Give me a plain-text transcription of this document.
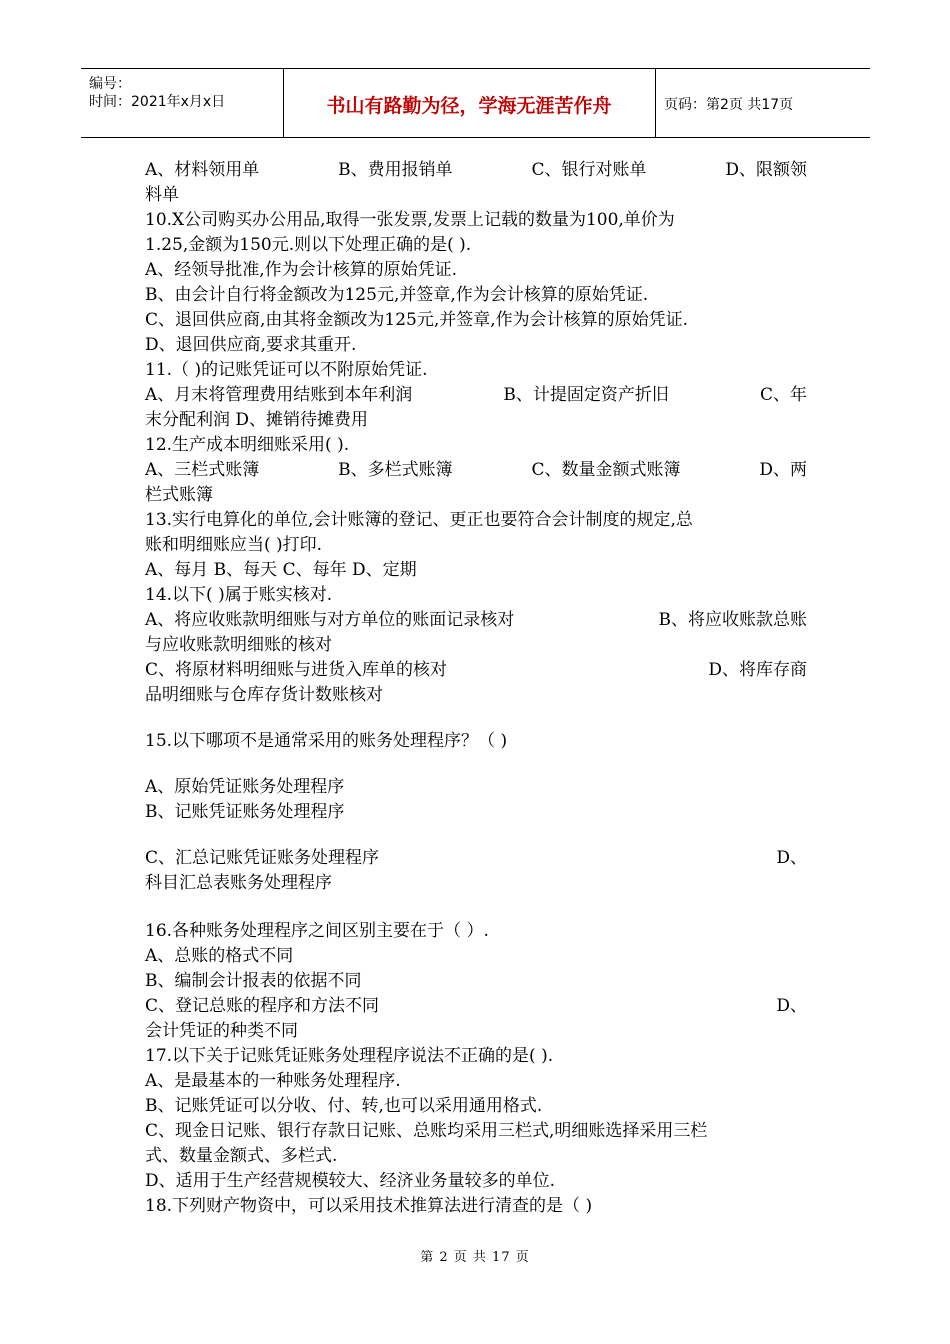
编号：
时间：2021年x月x日	书山有路勤为径，学海无涯苦作舟	页码：第2页 共17页
A、材料领用单	B、费用报销单	C、银行对账单	D、限额领

料单

10.X公司购买办公用品,取得一张发票,发票上记载的数量为100,单价为

1.25,金额为150元.则以下处理正确的是( ).

A、经领导批准,作为会计核算的原始凭证.

B、由会计自行将金额改为125元,并签章,作为会计核算的原始凭证.

C、退回供应商,由其将金额改为125元,并签章,作为会计核算的原始凭证.

D、退回供应商,要求其重开.

11.（ )的记账凭证可以不附原始凭证.

A、月末将管理费用结账到本年利润	B、计提固定资产折旧	C、年

末分配利润 D、摊销待摊费用

12.生产成本明细账采用( ).

A、三栏式账簿	B、多栏式账簿	C、数量金额式账簿	D、两

栏式账簿

13.实行电算化的单位,会计账簿的登记、更正也要符合会计制度的规定,总

账和明细账应当( )打印.

A、每月 B、每天 C、每年 D、定期

14.以下( )属于账实核对.

A、将应收账款明细账与对方单位的账面记录核对	B、将应收账款总账

与应收账款明细账的核对

C、将原材料明细账与进货入库单的核对	D、将库存商

品明细账与仓库存货计数账核对

15.以下哪项不是通常采用的账务处理程序？（ )

A、原始凭证账务处理程序

B、记账凭证账务处理程序

C、汇总记账凭证账务处理程序	D、

科目汇总表账务处理程序

16.各种账务处理程序之间区别主要在于（ ）.

A、总账的格式不同

B、编制会计报表的依据不同

C、登记总账的程序和方法不同	D、

会计凭证的种类不同

17.以下关于记账凭证账务处理程序说法不正确的是( ).

A、是最基本的一种账务处理程序.

B、记账凭证可以分收、付、转,也可以采用通用格式.

C、现金日记账、银行存款日记账、总账均采用三栏式,明细账选择采用三栏

式、数量金额式、多栏式.

D、适用于生产经营规模较大、经济业务量较多的单位.

18.下列财产物资中，可以采用技术推算法进行清查的是（ )

第 2 页 共 17 页
